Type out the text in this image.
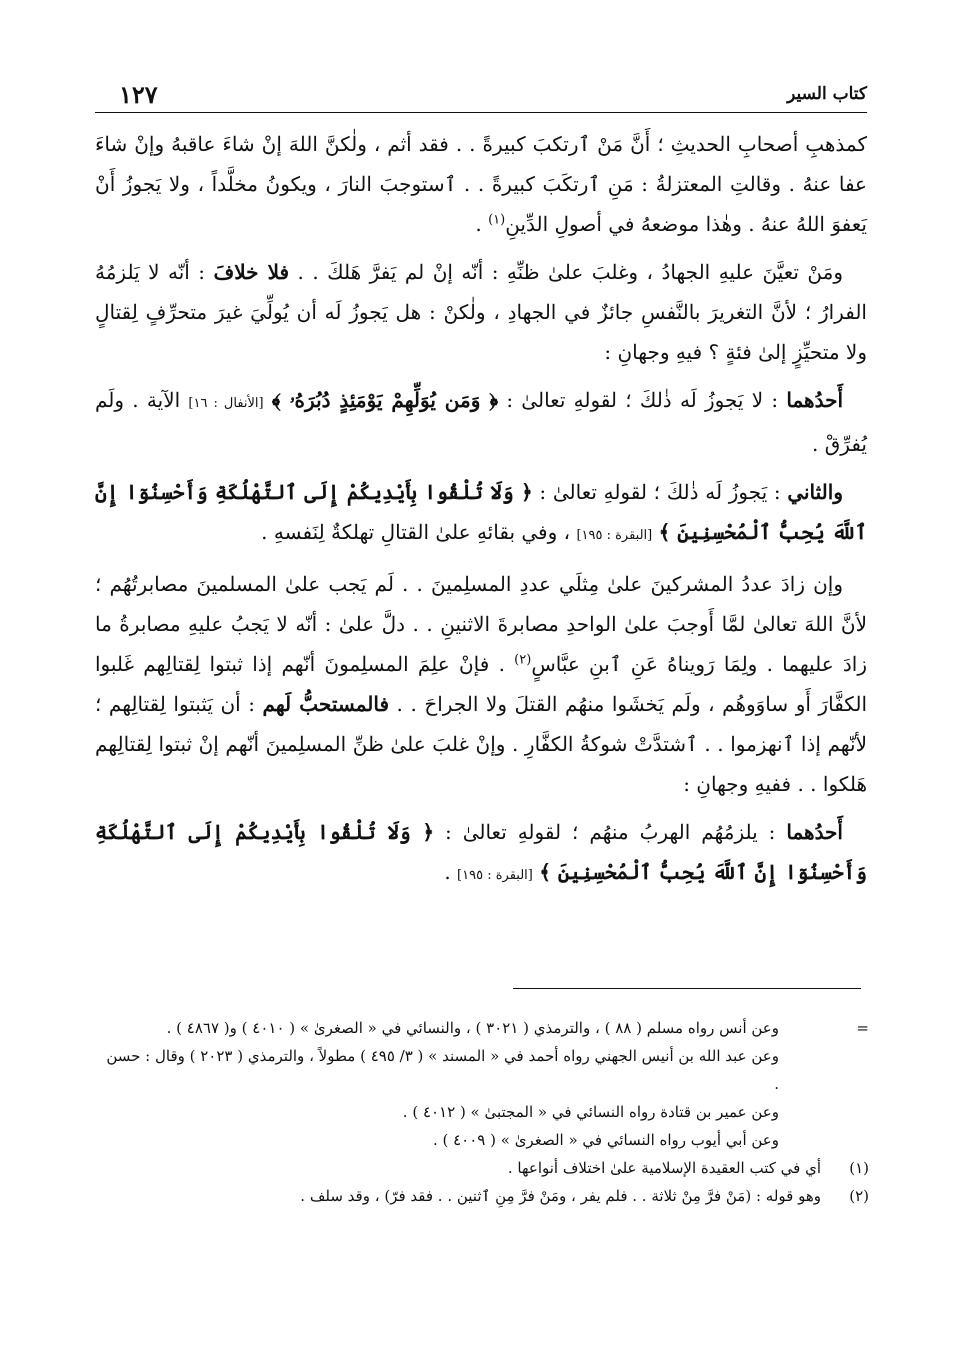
كتاب السير
١٢٧

كمذهبِ أصحابِ الحديثِ ؛ أَنَّ مَنْ ٱرتكبَ كبيرةً . . فقد أثم ، ولٰكنَّ اللهَ إنْ شاءَ عاقبهُ وإنْ شاءَ عفا عنهُ . وقالتِ المعتزلةُ : مَنِ ٱرتكَبَ كبيرةً . . ٱستوجبَ النارَ ، ويكونُ مخلَّداً ، ولا يَجوزُ أَنْ يَعفوَ اللهُ عنهُ . وهٰذا موضعهُ في أصولِ الدِّينِ$^{(١)}$ .

ومَنْ تعيَّنَ عليهِ الجهادُ ، وغلبَ علىٰ ظنِّهِ : أنّه إنْ لم يَفرَّ هَلكَ . . فلا خلافَ : أنّه لا يَلزمُهُ الفرارُ ؛ لأنَّ التغريرَ بالنَّفسِ جائزٌ في الجهادِ ، ولٰكنْ : هل يَجوزُ لَه أن يُولِّيَ غيرَ متحرِّفٍ لِقتالٍ ولا متحيِّزٍ إلىٰ فئةٍ ؟ فيهِ وجهانِ :

أَحدُهما : لا يَجوزُ لَه ذٰلكَ ؛ لقولهِ تعالىٰ : ﴿ وَمَن يُوَلِّهِمْ يَوْمَئِذٍ دُبُرَهُۥ ﴾ [الأنفال : ١٦] الآية . ولَم يُفرِّقْ .

والثاني : يَجوزُ لَه ذٰلكَ ؛ لقولهِ تعالىٰ : ﴿ وَلَا تُلْقُوا بِأَيْدِيكُمْ إِلَى ٱلتَّهْلُكَةِ وَأَحْسِنُوٓا إِنَّ ٱللَّهَ يُحِبُّ ٱلْمُحْسِنِينَ ﴾ [البقرة : ١٩٥] ، وفي بقائهِ علىٰ القتالِ تهلكةٌ لِنَفسهِ .

وإن زادَ عددُ المشركينَ علىٰ مِثلَي عددِ المسلِمينَ . . لَم يَجب علىٰ المسلمينَ مصابرتُهُم ؛ لأنَّ اللهَ تعالىٰ لمَّا أَوجبَ علىٰ الواحدِ مصابرةَ الاثنينِ . . دلَّ علىٰ : أنّه لا يَجبُ عليهِ مصابرةُ ما زادَ عليهما . ولِمَا رَويناهُ عَنِ ٱبنِ عبَّاسٍ$^{(٢)}$ . فإنْ علِمَ المسلِمونَ أنّهم إذا ثبتوا لِقتالِهم غَلبوا الكفَّارَ أَو ساوَوهُم ، ولَم يَخشَوا منهُم القتلَ ولا الجراحَ . . فالمستحبُّ لَهم : أن يَثبتوا لِقتالِهم ؛ لأنّهم إذا ٱنهزموا . . ٱشتدَّتْ شوكةُ الكفَّارِ . وإنْ غلبَ علىٰ ظنِّ المسلِمينَ أنّهم إنْ ثبتوا لِقتالِهم هَلكوا . . ففيهِ وجهانِ :

أَحدُهما : يلزمُهُم الهربُ منهُم ؛ لقولهِ تعالىٰ : ﴿ وَلَا تُلْقُوا بِأَيْدِيكُمْ إِلَى ٱلتَّهْلُكَةِ وَأَحْسِنُوٓا إِنَّ ٱللَّهَ يُحِبُّ ٱلْمُحْسِنِينَ ﴾ [البقرة : ١٩٥] .

=
وعن أنس رواه مسلم ( ٨٨ ) ، والترمذي ( ٣٠٢١ ) ، والنسائي في « الصغرىٰ » ( ٤٠١٠ ) و( ٤٨٦٧ ) .

وعن عبد الله بن أنيس الجهني رواه أحمد في « المسند » ( ٣/ ٤٩٥ ) مطولاً ، والترمذي ( ٢٠٢٣ ) وقال : حسن .

وعن عمير بن قتادة رواه النسائي في « المجتبىٰ » ( ٤٠١٢ ) .

وعن أبي أيوب رواه النسائي في « الصغرىٰ » ( ٤٠٠٩ ) .

(١)
أي في كتب العقيدة الإسلامية علىٰ اختلاف أنواعها .

(٢)
وهو قوله : (مَنْ فرَّ مِنْ ثلاثة . . فلم يفر ، ومَنْ فرَّ مِنِ ٱثنين . . فقد فرّ) ، وقد سلف .
